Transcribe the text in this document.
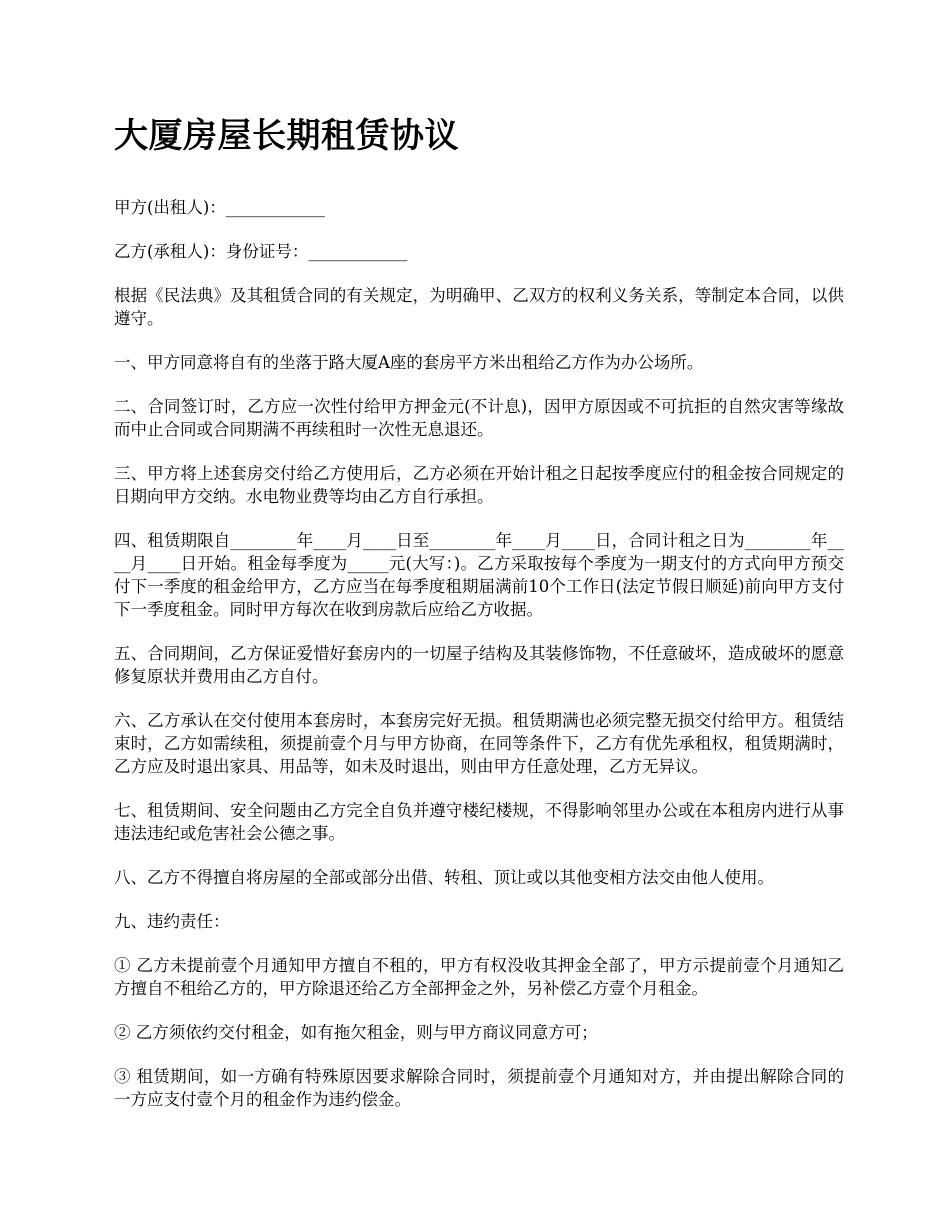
大厦房屋长期租赁协议

甲方(出租人)：____________

乙方(承租人)：身份证号：____________

根据《民法典》及其租赁合同的有关规定，为明确甲、乙双方的权利义务关系，等制定本合同，以供遵守。

一、甲方同意将自有的坐落于路大厦A座的套房平方米出租给乙方作为办公场所。

二、合同签订时，乙方应一次性付给甲方押金元(不计息)，因甲方原因或不可抗拒的自然灾害等缘故而中止合同或合同期满不再续租时一次性无息退还。

三、甲方将上述套房交付给乙方使用后，乙方必须在开始计租之日起按季度应付的租金按合同规定的日期向甲方交纳。水电物业费等均由乙方自行承担。

四、租赁期限自________年____月____日至________年____月____日，合同计租之日为________年____月____日开始。租金每季度为_____元(大写：)。乙方采取按每个季度为一期支付的方式向甲方预交付下一季度的租金给甲方，乙方应当在每季度租期届满前10个工作日(法定节假日顺延)前向甲方支付下一季度租金。同时甲方每次在收到房款后应给乙方收据。

五、合同期间，乙方保证爱惜好套房内的一切屋子结构及其装修饰物，不任意破坏，造成破坏的愿意修复原状并费用由乙方自付。

六、乙方承认在交付使用本套房时，本套房完好无损。租赁期满也必须完整无损交付给甲方。租赁结束时，乙方如需续租，须提前壹个月与甲方协商，在同等条件下，乙方有优先承租权，租赁期满时，乙方应及时退出家具、用品等，如未及时退出，则由甲方任意处理，乙方无异议。

七、租赁期间、安全问题由乙方完全自负并遵守楼纪楼规，不得影响邻里办公或在本租房内进行从事违法违纪或危害社会公德之事。

八、乙方不得擅自将房屋的全部或部分出借、转租、顶让或以其他变相方法交由他人使用。

九、违约责任：

① 乙方未提前壹个月通知甲方擅自不租的，甲方有权没收其押金全部了，甲方示提前壹个月通知乙方擅自不租给乙方的，甲方除退还给乙方全部押金之外，另补偿乙方壹个月租金。

② 乙方须依约交付租金，如有拖欠租金，则与甲方商议同意方可；

③ 租赁期间，如一方确有特殊原因要求解除合同时，须提前壹个月通知对方，并由提出解除合同的一方应支付壹个月的租金作为违约偿金。
